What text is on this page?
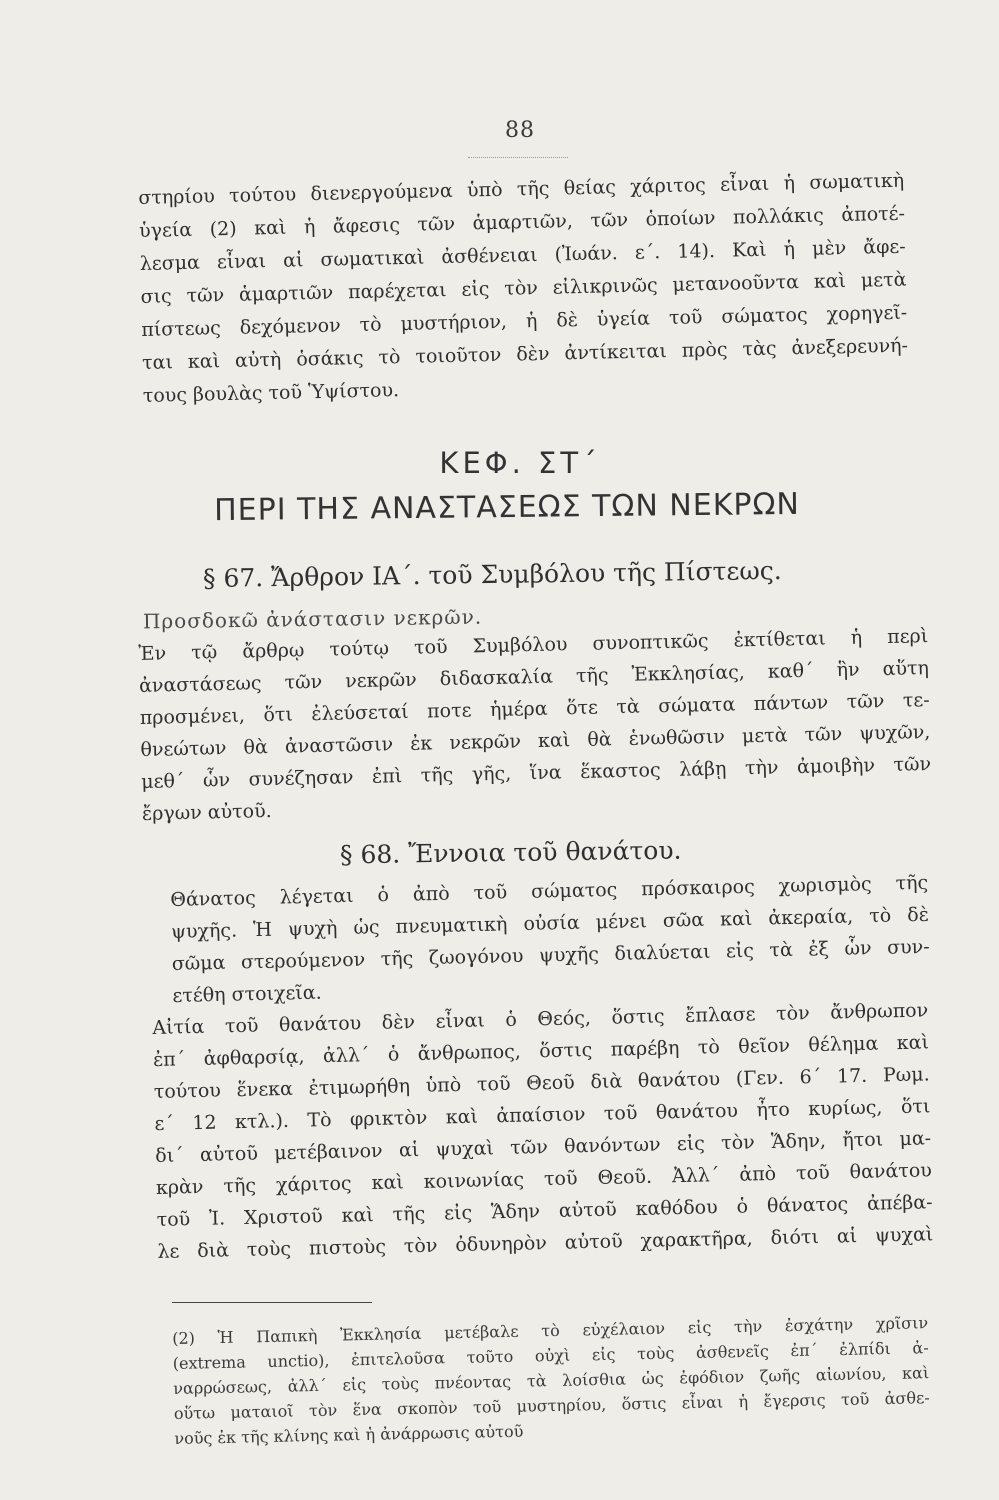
88
στηρίου τούτου διενεργούμενα ὑπὸ τῆς θείας χάριτος εἶναι ἡ σωματικὴ
ὑγεία (2) καὶ ἡ ἄφεσις τῶν ἁμαρτιῶν, τῶν ὁποίων πολλάκις ἀποτέ-
λεσμα εἶναι αἱ σωματικαὶ ἀσθένειαι (Ἰωάν. ε΄. 14). Καὶ ἡ μὲν ἄφε-
σις τῶν ἁμαρτιῶν παρέχεται εἰς τὸν εἰλικρινῶς μετανοοῦντα καὶ μετὰ
πίστεως δεχόμενον τὸ μυστήριον, ἡ δὲ ὑγεία τοῦ σώματος χορηγεῖ-
ται καὶ αὐτὴ ὁσάκις τὸ τοιοῦτον δὲν ἀντίκειται πρὸς τὰς ἀνεξερευνή-
τους βουλὰς τοῦ Ὑψίστου.
ΚΕΦ. ΣΤ΄
ΠΕΡΙ ΤΗΣ ΑΝΑΣΤΑΣΕΩΣ ΤΩΝ ΝΕΚΡΩΝ
§ 67. Ἄρθρον ΙΑ΄. τοῦ Συμβόλου τῆς Πίστεως.
Προσδοκῶ ἀνάστασιν νεκρῶν.
Ἐν τῷ ἄρθρῳ τούτῳ τοῦ Συμβόλου συνοπτικῶς ἐκτίθεται ἡ περὶ
ἀναστάσεως τῶν νεκρῶν διδασκαλία τῆς Ἐκκλησίας, καθ΄ ἣν αὕτη
προσμένει, ὅτι ἐλεύσεταί ποτε ἡμέρα ὅτε τὰ σώματα πάντων τῶν τε-
θνεώτων θὰ ἀναστῶσιν ἐκ νεκρῶν καὶ θὰ ἑνωθῶσιν μετὰ τῶν ψυχῶν,
μεθ΄ ὧν συνέζησαν ἐπὶ τῆς γῆς, ἵνα ἕκαστος λάβῃ τὴν ἀμοιβὴν τῶν
ἔργων αὐτοῦ.
§ 68. Ἔννοια τοῦ θανάτου.
Θάνατος λέγεται ὁ ἀπὸ τοῦ σώματος πρόσκαιρος χωρισμὸς τῆς
ψυχῆς. Ἡ ψυχὴ ὡς πνευματικὴ οὐσία μένει σῶα καὶ ἀκεραία, τὸ δὲ
σῶμα στερούμενον τῆς ζωογόνου ψυχῆς διαλύεται εἰς τὰ ἐξ ὧν συν-
ετέθη στοιχεῖα.
Αἰτία τοῦ θανάτου δὲν εἶναι ὁ Θεός, ὅστις ἔπλασε τὸν ἄνθρωπον
ἐπ΄ ἀφθαρσίᾳ, ἀλλ΄ ὁ ἄνθρωπος, ὅστις παρέβη τὸ θεῖον θέλημα καὶ
τούτου ἕνεκα ἐτιμωρήθη ὑπὸ τοῦ Θεοῦ διὰ θανάτου (Γεν. 6΄ 17. Ρωμ.
ε΄ 12 κτλ.). Τὸ φρικτὸν καὶ ἀπαίσιον τοῦ θανάτου ἦτο κυρίως, ὅτι
δι΄ αὐτοῦ μετέβαινον αἱ ψυχαὶ τῶν θανόντων εἰς τὸν Ἅδην, ἤτοι μα-
κρὰν τῆς χάριτος καὶ κοινωνίας τοῦ Θεοῦ. Ἀλλ΄ ἀπὸ τοῦ θανάτου
τοῦ Ἰ. Χριστοῦ καὶ τῆς εἰς Ἅδην αὐτοῦ καθόδου ὁ θάνατος ἀπέβα-
λε διὰ τοὺς πιστοὺς τὸν ὀδυνηρὸν αὐτοῦ χαρακτῆρα, διότι αἱ ψυχαὶ
(2) Ἡ Παπικὴ Ἐκκλησία μετέβαλε τὸ εὐχέλαιον εἰς τὴν ἐσχάτην χρῖσιν
(extrema unctio), ἐπιτελοῦσα τοῦτο οὐχὶ εἰς τοὺς ἀσθενεῖς ἐπ΄ ἐλπίδι ἀ-
ναρρώσεως, ἀλλ΄ εἰς τοὺς πνέοντας τὰ λοίσθια ὡς ἐφόδιον ζωῆς αἰωνίου, καὶ
οὕτω ματαιοῖ τὸν ἕνα σκοπὸν τοῦ μυστηρίου, ὅστις εἶναι ἡ ἔγερσις τοῦ ἀσθε-
νοῦς ἐκ τῆς κλίνης καὶ ἡ ἀνάρρωσις αὐτοῦ
